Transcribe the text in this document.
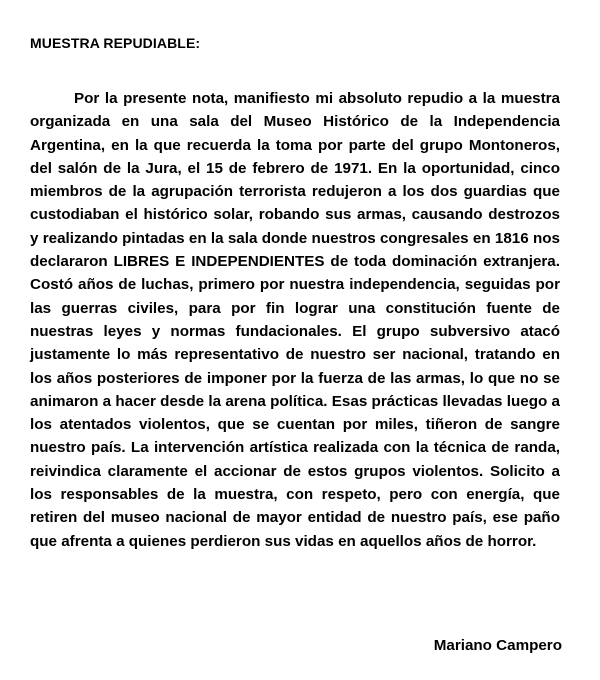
MUESTRA REPUDIABLE:

Por la presente nota, manifiesto mi absoluto repudio a la muestra organizada en una sala del Museo Histórico de la Independencia Argentina, en la que recuerda la toma por parte del grupo Montoneros, del salón de la Jura, el 15 de febrero de 1971. En la oportunidad, cinco miembros de la agrupación terrorista redujeron a los dos guardias que custodiaban el histórico solar, robando sus armas, causando destrozos y realizando pintadas en la sala donde nuestros congresales en 1816 nos declararon LIBRES E INDEPENDIENTES de toda dominación extranjera. Costó años de luchas, primero por nuestra independencia, seguidas por las guerras civiles, para por fin lograr una constitución fuente de nuestras leyes y normas fundacionales. El grupo subversivo atacó justamente lo más representativo de nuestro ser nacional, tratando en los años posteriores de imponer por la fuerza de las armas, lo que no se animaron a hacer desde la arena política. Esas prácticas llevadas luego a los atentados violentos, que se cuentan por miles, tiñeron de sangre nuestro país. La intervención artística realizada con la técnica de randa, reivindica claramente el accionar de estos grupos violentos. Solicito a los responsables de la muestra, con respeto, pero con energía, que retiren del museo nacional de mayor entidad de nuestro país, ese paño que afrenta a quienes perdieron sus vidas en aquellos años de horror.

Mariano Campero
